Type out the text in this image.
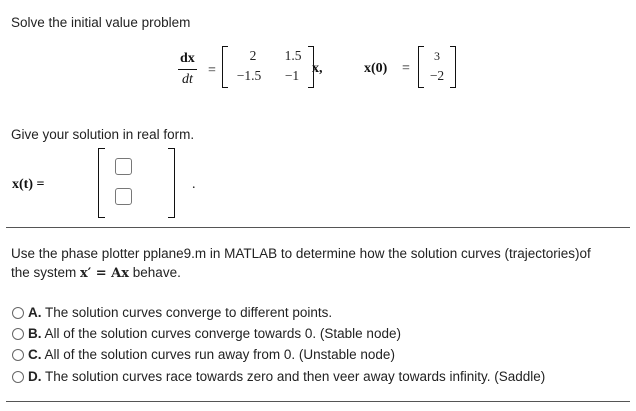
Solve the initial value problem
$\frac{dx}{dt}$ =
2	1.5
−1.5	−1 x,	x(0) =
3
−2
Give your solution in real form.
x(t) =	.
Use the phase plotter pplane9.m in MATLAB to determine how the solution curves (trajectories)of
the system x′ = Ax behave.
A. The solution curves converge to different points.
B. All of the solution curves converge towards 0. (Stable node)
C. All of the solution curves run away from 0. (Unstable node)
D. The solution curves race towards zero and then veer away towards infinity. (Saddle)
